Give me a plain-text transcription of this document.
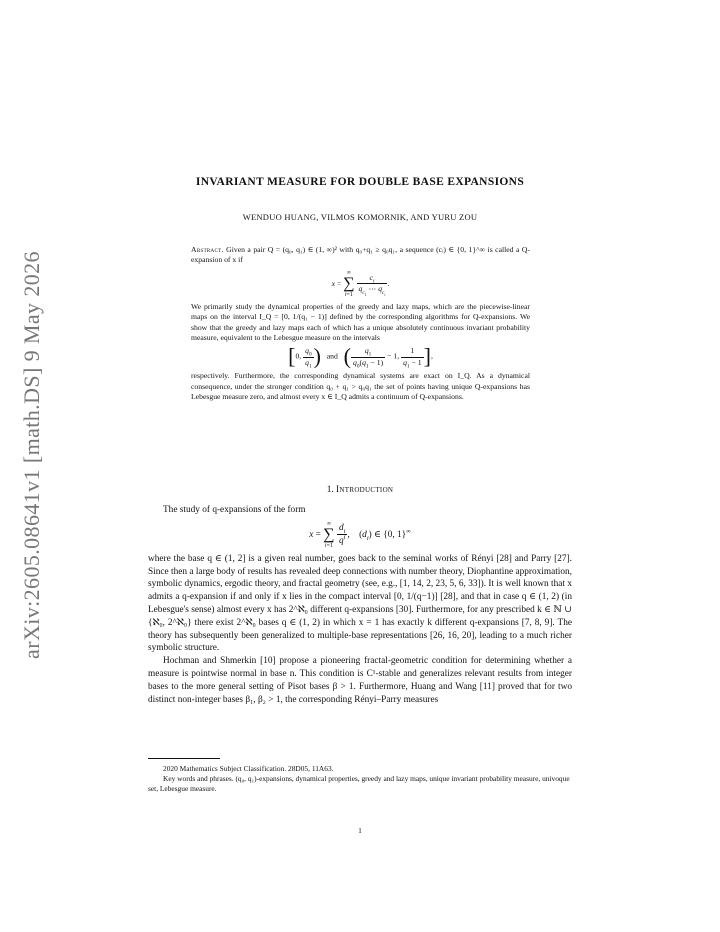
arXiv:2605.08641v1 [math.DS] 9 May 2026
INVARIANT MEASURE FOR DOUBLE BASE EXPANSIONS
WENDUO HUANG, VILMOS KOMORNIK, AND YURU ZOU

Abstract. Given a pair Q = (q₀, q₁) ∈ (1, ∞)² with q₀+q₁ ≥ q₀q₁, a sequence (cᵢ) ∈ {0, 1}^∞ is called a Q-expansion of x if

x =
∞
∑
i=1
$\frac{c_i}{q_{c_1} \cdots q_{c_i}}$ .

We primarily study the dynamical properties of the greedy and lazy maps, which are the piecewise-linear maps on the interval I_Q = [0, 1/(q₁ − 1)] defined by the corresponding algorithms for Q-expansions. We show that the greedy and lazy maps each of which has a unique absolutely continuous invariant probability measure, equivalent to the Lebesgue measure on the intervals

[0, $\frac{q_0}{q_1}$ )   and   ( $\frac{q_1}{q_0(q_1 - 1)} - 1$, $\frac{1}{q_1 - 1}$ ],

respectively. Furthermore, the corresponding dynamical systems are exact on I_Q. As a dynamical consequence, under the stronger condition q₀ + q₁ > q₀q₁ the set of points having unique Q-expansions has Lebesgue measure zero, and almost every x ∈ I_Q admits a continuum of Q-expansions.

1. Introduction

The study of q-expansions of the form

x =
∞
∑
i=1
$\frac{d_i}{q^i}$ ,    $(d_i)$ ∈ {0, 1}∞

where the base q ∈ (1, 2] is a given real number, goes back to the seminal works of Rényi [28] and Parry [27]. Since then a large body of results has revealed deep connections with number theory, Diophantine approximation, symbolic dynamics, ergodic theory, and fractal geometry (see, e.g., [1, 14, 2, 23, 5, 6, 33]). It is well known that x admits a q-expansion if and only if x lies in the compact interval [0, 1/(q−1)] [28], and that in case q ∈ (1, 2) (in Lebesgue's sense) almost every x has 2^ℵ₀ different q-expansions [30]. Furthermore, for any prescribed k ∈ ℕ ∪ {ℵ₀, 2^ℵ₀} there exist 2^ℵ₀ bases q ∈ (1, 2) in which x = 1 has exactly k different q-expansions [7, 8, 9]. The theory has subsequently been generalized to multiple-base representations [26, 16, 20], leading to a much richer symbolic structure.

Hochman and Shmerkin [10] propose a pioneering fractal-geometric condition for determining whether a measure is pointwise normal in base n. This condition is C¹-stable and generalizes relevant results from integer bases to the more general setting of Pisot bases β > 1. Furthermore, Huang and Wang [11] proved that for two distinct non-integer bases β₁, β₂ > 1, the corresponding Rényi–Parry measures

2020 Mathematics Subject Classification. 28D05, 11A63.

Key words and phrases. (q₀, q₁)-expansions, dynamical properties, greedy and lazy maps, unique invariant probability measure, univoque set, Lebesgue measure.

1
